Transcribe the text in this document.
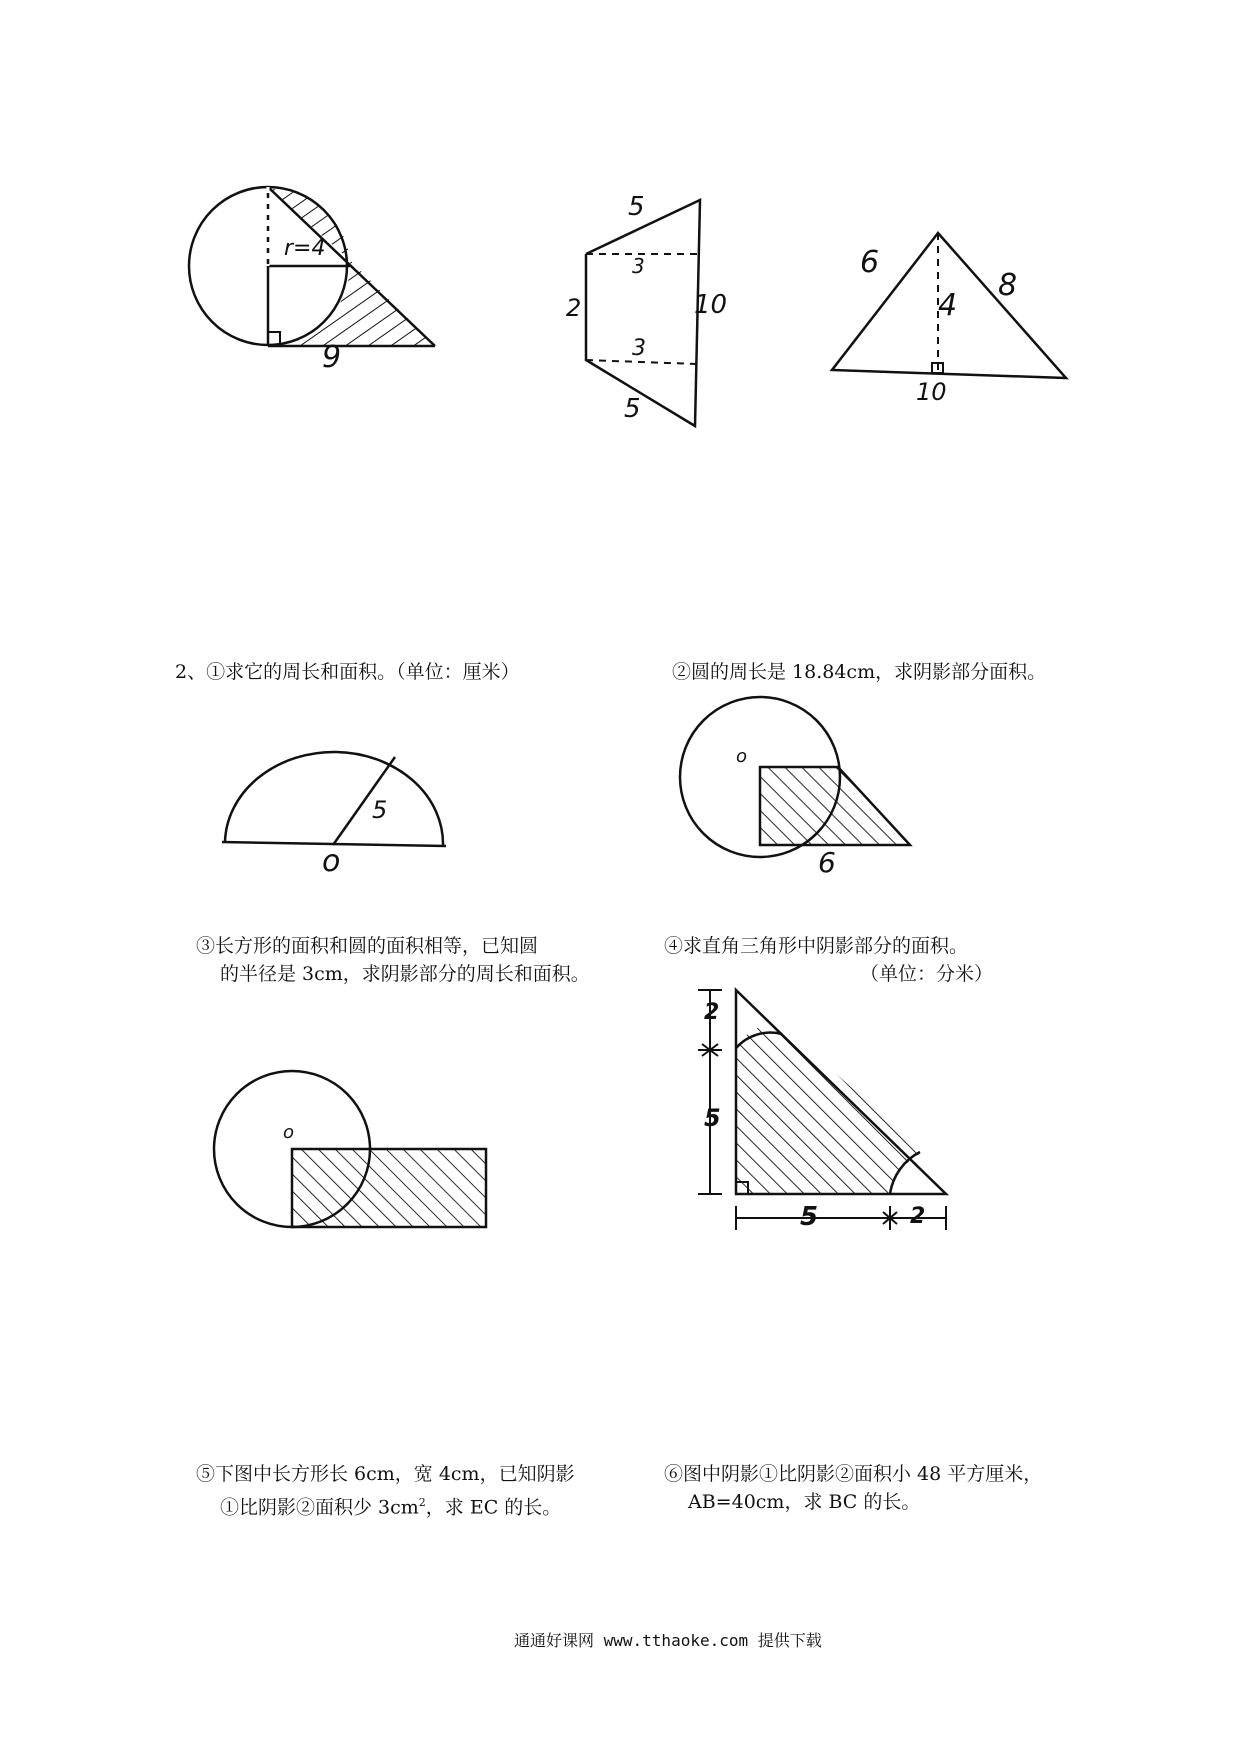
r=4
9
5
3
2	10
3
5
6
4
8
10
2、①求它的周长和面积。（单位：厘米）	②圆的周长是 18.84cm，求阴影部分面积。
5
o
o
6
③长方形的面积和圆的面积相等，已知圆
的半径是 3cm，求阴影部分的周长和面积。
④求直角三角形中阴影部分的面积。
（单位：分米）
o
2
5
5	2
⑤下图中长方形长 6cm，宽 4cm，已知阴影
①比阴影②面积少 $3cm^2$，求 EC 的长。
⑥图中阴影①比阴影②面积小 48 平方厘米，
AB=40cm，求 BC 的长。
通通好课网 www.tthaoke.com 提供下载
